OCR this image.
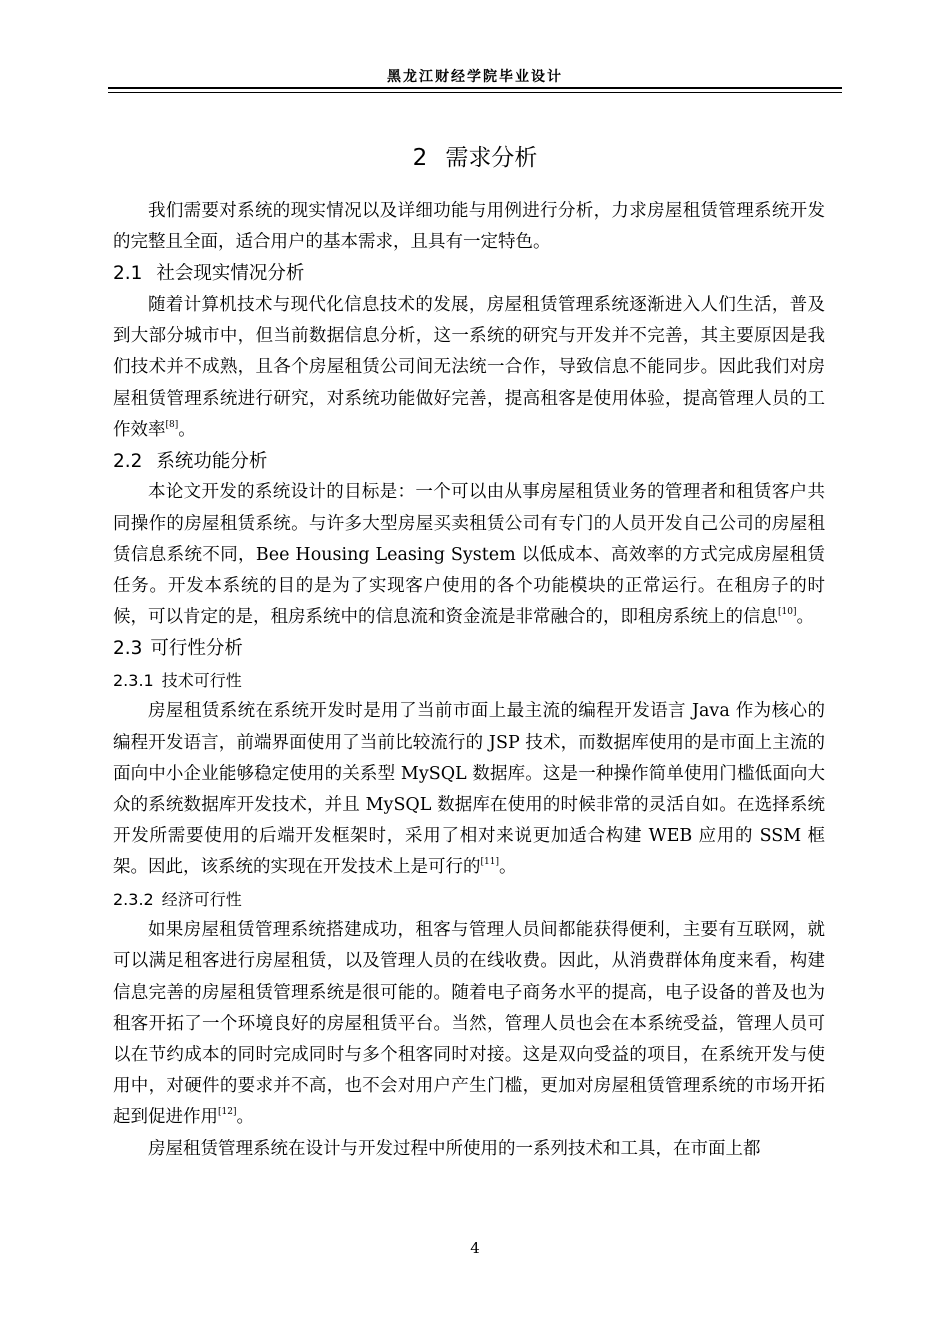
黑龙江财经学院毕业设计
2 需求分析

我们需要对系统的现实情况以及详细功能与用例进行分析，力求房屋租赁管理系统开发的完整且全面，适合用户的基本需求，且具有一定特色。

2.1 社会现实情况分析

随着计算机技术与现代化信息技术的发展，房屋租赁管理系统逐渐进入人们生活，普及到大部分城市中，但当前数据信息分析，这一系统的研究与开发并不完善，其主要原因是我们技术并不成熟，且各个房屋租赁公司间无法统一合作，导致信息不能同步。因此我们对房屋租赁管理系统进行研究，对系统功能做好完善，提高租客是使用体验，提高管理人员的工作效率[8]。

2.2 系统功能分析

本论文开发的系统设计的目标是：一个可以由从事房屋租赁业务的管理者和租赁客户共同操作的房屋租赁系统。与许多大型房屋买卖租赁公司有专门的人员开发自己公司的房屋租赁信息系统不同，Bee Housing Leasing System 以低成本、高效率的方式完成房屋租赁任务。开发本系统的目的是为了实现客户使用的各个功能模块的正常运行。在租房子的时候，可以肯定的是，租房系统中的信息流和资金流是非常融合的，即租房系统上的信息[10]。

2.3 可行性分析
2.3.1 技术可行性

房屋租赁系统在系统开发时是用了当前市面上最主流的编程开发语言 Java 作为核心的编程开发语言，前端界面使用了当前比较流行的 JSP 技术，而数据库使用的是市面上主流的面向中小企业能够稳定使用的关系型 MySQL 数据库。这是一种操作简单使用门槛低面向大众的系统数据库开发技术，并且 MySQL 数据库在使用的时候非常的灵活自如。在选择系统开发所需要使用的后端开发框架时，采用了相对来说更加适合构建 WEB 应用的 SSM 框架。因此，该系统的实现在开发技术上是可行的[11]。

2.3.2 经济可行性

如果房屋租赁管理系统搭建成功，租客与管理人员间都能获得便利，主要有互联网，就可以满足租客进行房屋租赁，以及管理人员的在线收费。因此，从消费群体角度来看，构建信息完善的房屋租赁管理系统是很可能的。随着电子商务水平的提高，电子设备的普及也为租客开拓了一个环境良好的房屋租赁平台。当然，管理人员也会在本系统受益，管理人员可以在节约成本的同时完成同时与多个租客同时对接。这是双向受益的项目，在系统开发与使用中，对硬件的要求并不高，也不会对用户产生门槛，更加对房屋租赁管理系统的市场开拓起到促进作用[12]。

房屋租赁管理系统在设计与开发过程中所使用的一系列技术和工具，在市面上都

4
